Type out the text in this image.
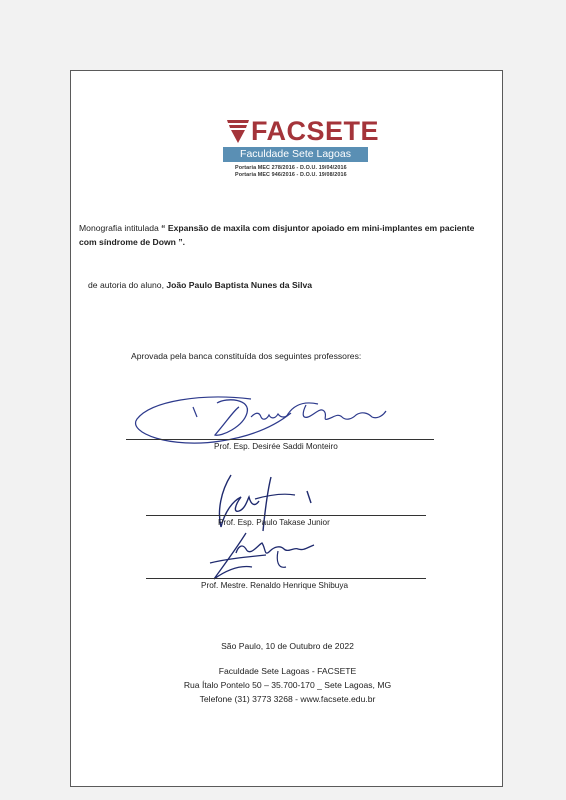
FACSETE
Faculdade Sete Lagoas
Portaria MEC 278/2016 - D.O.U. 19/04/2016
Portaria MEC 946/2016 - D.O.U. 19/08/2016
Monografia intitulada “ Expansão de maxila com disjuntor apoiado em mini-implantes em paciente com síndrome de Down ”.
de autoria do aluno, João Paulo Baptista Nunes da Silva
Aprovada pela banca constituída dos seguintes professores:
Prof. Esp. Desirée Saddi Monteiro
Prof. Esp. Paulo Takase Junior
Prof. Mestre. Renaldo Henrique Shibuya
São Paulo, 10 de Outubro de 2022
Faculdade Sete Lagoas - FACSETE
Rua Ítalo Pontelo 50 – 35.700-170 _ Sete Lagoas, MG
Telefone (31) 3773 3268 - www.facsete.edu.br
